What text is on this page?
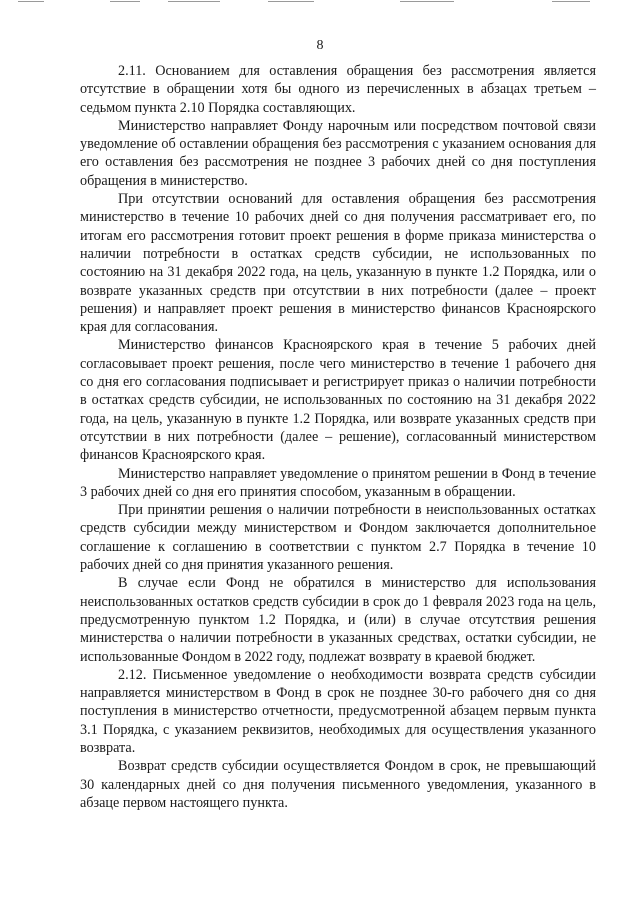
8

2.11. Основанием для оставления обращения без рассмотрения является отсутствие в обращении хотя бы одного из перечисленных в абзацах третьем – седьмом пункта 2.10 Порядка составляющих.

Министерство направляет Фонду нарочным или посредством почтовой связи уведомление об оставлении обращения без рассмотрения с указанием основания для его оставления без рассмотрения не позднее 3 рабочих дней со дня поступления обращения в министерство.

При отсутствии оснований для оставления обращения без рассмотрения министерство в течение 10 рабочих дней со дня получения рассматривает его, по итогам его рассмотрения готовит проект решения в форме приказа министерства о наличии потребности в остатках средств субсидии, не использованных по состоянию на 31 декабря 2022 года, на цель, указанную в пункте 1.2 Порядка, или о возврате указанных средств при отсутствии в них потребности (далее – проект решения) и направляет проект решения в министерство финансов Красноярского края для согласования.

Министерство финансов Красноярского края в течение 5 рабочих дней согласовывает проект решения, после чего министерство в течение 1 рабочего дня со дня его согласования подписывает и регистрирует приказ о наличии потребности в остатках средств субсидии, не использованных по состоянию на 31 декабря 2022 года, на цель, указанную в пункте 1.2 Порядка, или возврате указанных средств при отсутствии в них потребности (далее – решение), согласованный министерством финансов Красноярского края.

Министерство направляет уведомление о принятом решении в Фонд в течение 3 рабочих дней со дня его принятия способом, указанным в обращении.

При принятии решения о наличии потребности в неиспользованных остатках средств субсидии между министерством и Фондом заключается дополнительное соглашение к соглашению в соответствии с пунктом 2.7 Порядка в течение 10 рабочих дней со дня принятия указанного решения.

В случае если Фонд не обратился в министерство для использования неиспользованных остатков средств субсидии в срок до 1 февраля 2023 года на цель, предусмотренную пунктом 1.2 Порядка, и (или) в случае отсутствия решения министерства о наличии потребности в указанных средствах, остатки субсидии, не использованные Фондом в 2022 году, подлежат возврату в краевой бюджет.

2.12. Письменное уведомление о необходимости возврата средств субсидии направляется министерством в Фонд в срок не позднее 30-го рабочего дня со дня поступления в министерство отчетности, предусмотренной абзацем первым пункта 3.1 Порядка, с указанием реквизитов, необходимых для осуществления указанного возврата.

Возврат средств субсидии осуществляется Фондом в срок, не превышающий 30 календарных дней со дня получения письменного уведомления, указанного в абзаце первом настоящего пункта.
